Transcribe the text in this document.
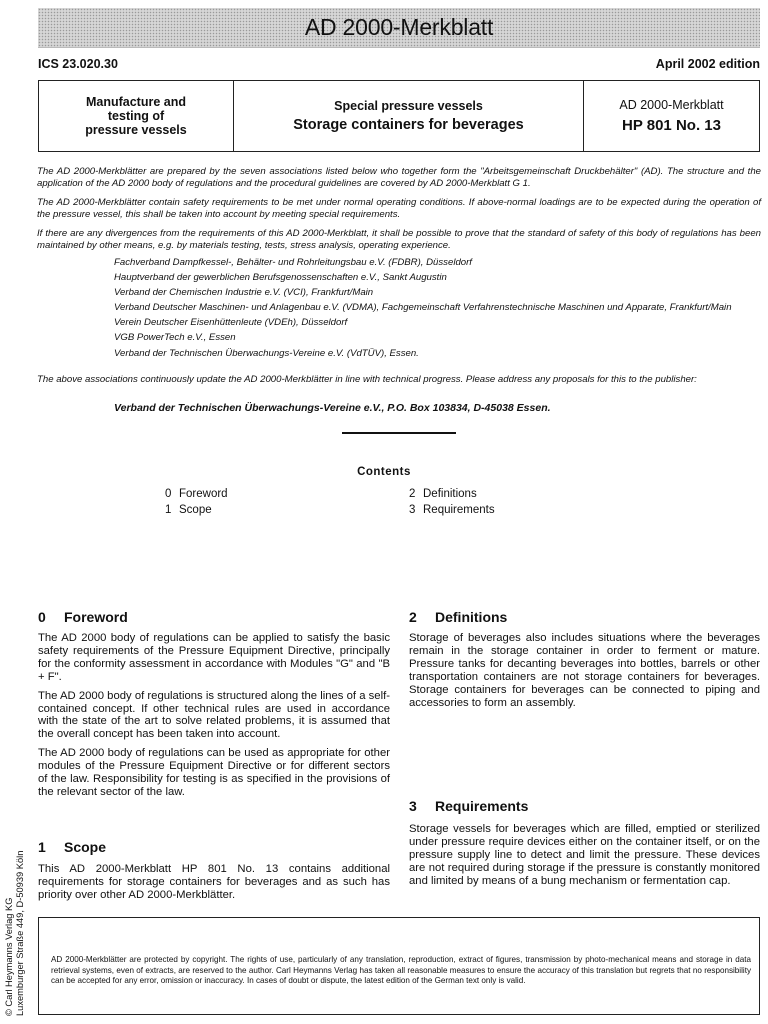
AD 2000-Merkblatt
ICS 23.020.30	April 2002 edition
Manufacture and
testing of
pressure vessels
Special pressure vessels
Storage containers for beverages
AD 2000-Merkblatt
HP 801 No. 13
The AD 2000-Merkblätter are prepared by the seven associations listed below who together form the "Arbeitsgemeinschaft Druckbehälter" (AD). The structure and the application of the AD 2000 body of regulations and the procedural guidelines are covered by AD 2000-Merkblatt G 1.
The AD 2000-Merkblätter contain safety requirements to be met under normal operating conditions. If above-normal loadings are to be expected during the operation of the pressure vessel, this shall be taken into account by meeting special requirements.
If there are any divergences from the requirements of this AD 2000-Merkblatt, it shall be possible to prove that the standard of safety of this body of regulations has been maintained by other means, e.g. by materials testing, tests, stress analysis, operating experience.
Fachverband Dampfkessel-, Behälter- und Rohrleitungsbau e.V. (FDBR), Düsseldorf
Hauptverband der gewerblichen Berufsgenossenschaften e.V., Sankt Augustin
Verband der Chemischen Industrie e.V. (VCI), Frankfurt/Main
Verband Deutscher Maschinen- und Anlagenbau e.V. (VDMA), Fachgemeinschaft Verfahrenstechnische Maschinen und Apparate, Frankfurt/Main
Verein Deutscher Eisenhüttenleute (VDEh), Düsseldorf
VGB PowerTech e.V., Essen
Verband der Technischen Überwachungs-Vereine e.V. (VdTÜV), Essen.
The above associations continuously update the AD 2000-Merkblätter in line with technical progress. Please address any proposals for this to the publisher:
Verband der Technischen Überwachungs-Vereine e.V., P.O. Box 103834, D-45038 Essen.
Contents
0 Foreword
1 Scope
2 Definitions
3 Requirements
0 Foreword

The AD 2000 body of regulations can be applied to satisfy the basic safety requirements of the Pressure Equipment Directive, principally for the conformity assessment in accordance with Modules "G" and "B + F".

The AD 2000 body of regulations is structured along the lines of a self-contained concept. If other technical rules are used in accordance with the state of the art to solve related problems, it is assumed that the overall concept has been taken into account.

The AD 2000 body of regulations can be used as appropriate for other modules of the Pressure Equipment Directive or for different sectors of the law. Responsibility for testing is as specified in the provisions of the relevant sector of the law.

1 Scope

This AD 2000-Merkblatt HP 801 No. 13 contains additional requirements for storage containers for beverages and as such has priority over other AD 2000-Merkblätter.

2 Definitions

Storage of beverages also includes situations where the beverages remain in the storage container in order to ferment or mature. Pressure tanks for decanting beverages into bottles, barrels or other transportation containers are not storage containers for beverages. Storage containers for beverages can be connected to piping and accessories to form an assembly.

3 Requirements

Storage vessels for beverages which are filled, emptied or sterilized under pressure require devices either on the container itself, or on the pressure supply line to detect and limit the pressure. These devices are not required during storage if the pressure is constantly monitored and limited by means of a bung mechanism or fermentation cap.

© Carl Heymanns Verlag KG Luxemburger Straße 449, D-50939 Köln	AD 2000-Merkblätter are protected by copyright. The rights of use, particularly of any translation, reproduction, extract of figures, transmission by photo-mechanical means and storage in data retrieval systems, even of extracts, are reserved to the author. Carl Heymanns Verlag has taken all reasonable measures to ensure the accuracy of this translation but regrets that no responsibility can be accepted for any error, omission or inaccuracy. In cases of doubt or dispute, the latest edition of the German text only is valid.
